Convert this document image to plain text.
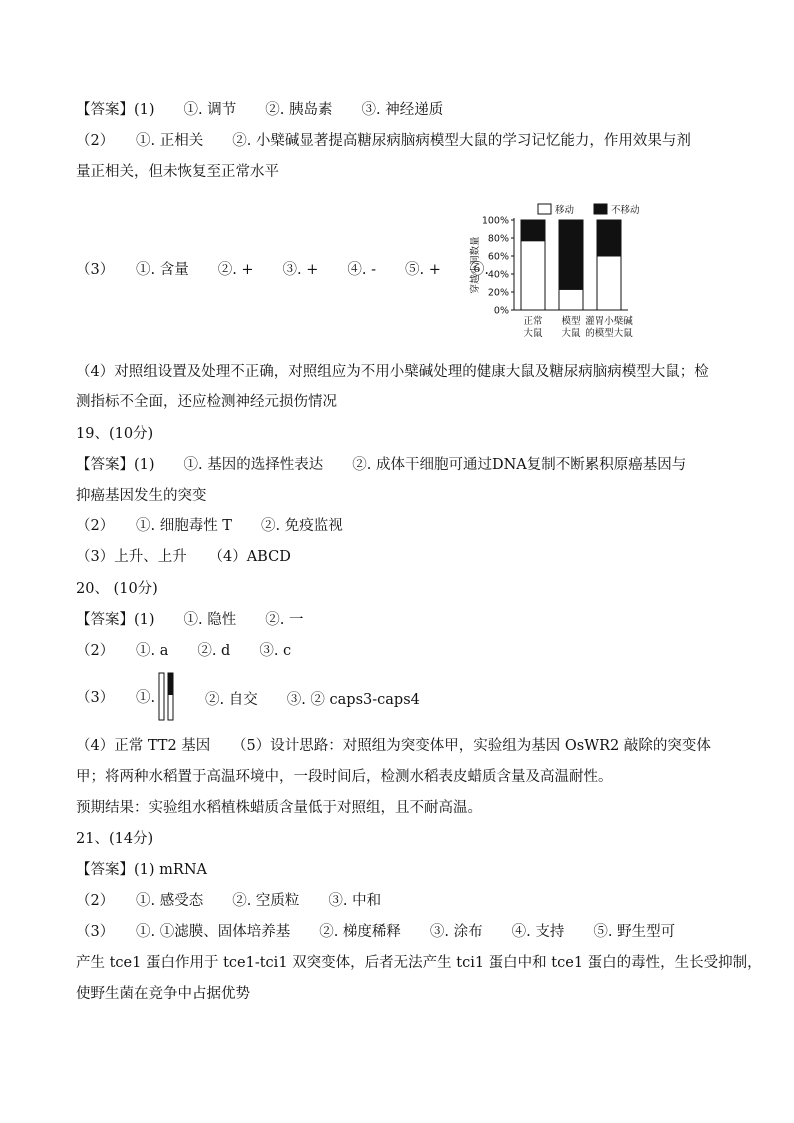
【答案】(1)　　①. 调节　　②. 胰岛素　　③. 神经递质
（2）　　①. 正相关　　②. 小檗碱显著提高糖尿病脑病模型大鼠的学习记忆能力，作用效果与剂
量正相关，但未恢复至正常水平
（3）　　①. 含量　　②. +　　③. +　　④. -　　⑤. +　　⑥.
穿越小洞数量
0%
20%
40%
60%
80%
100%
正常
大鼠
模型
大鼠
灌胃小檗碱
的模型大鼠
移动	不移动
（4）对照组设置及处理不正确，对照组应为不用小檗碱处理的健康大鼠及糖尿病脑病模型大鼠；检
测指标不全面，还应检测神经元损伤情况
19、(10分)
【答案】(1)　　①. 基因的选择性表达　　②. 成体干细胞可通过DNA复制不断累积原癌基因与
抑癌基因发生的突变
（2）　　①. 细胞毒性 T　　②. 免疫监视
（3）上升、上升　　（4）ABCD
20、 (10分)
【答案】(1)　　①. 隐性　　②. 一
（2）　　①. a　　②. d　　③. c
（3）　　①.	②. 自交　　③. ② caps3-caps4
（4）正常 TT2 基因　　（5）设计思路：对照组为突变体甲，实验组为基因 OsWR2 敲除的突变体
甲；将两种水稻置于高温环境中，一段时间后，检测水稻表皮蜡质含量及高温耐性。
预期结果：实验组水稻植株蜡质含量低于对照组，且不耐高温。
21、(14分)
【答案】(1) mRNA
（2）　　①. 感受态　　②. 空质粒　　③. 中和
（3）　　①. ①滤膜、固体培养基　　②. 梯度稀释　　③. 涂布　　④. 支持　　⑤. 野生型可
产生 tce1 蛋白作用于 tce1-tci1 双突变体，后者无法产生 tci1 蛋白中和 tce1 蛋白的毒性，生长受抑制，
使野生菌在竞争中占据优势
